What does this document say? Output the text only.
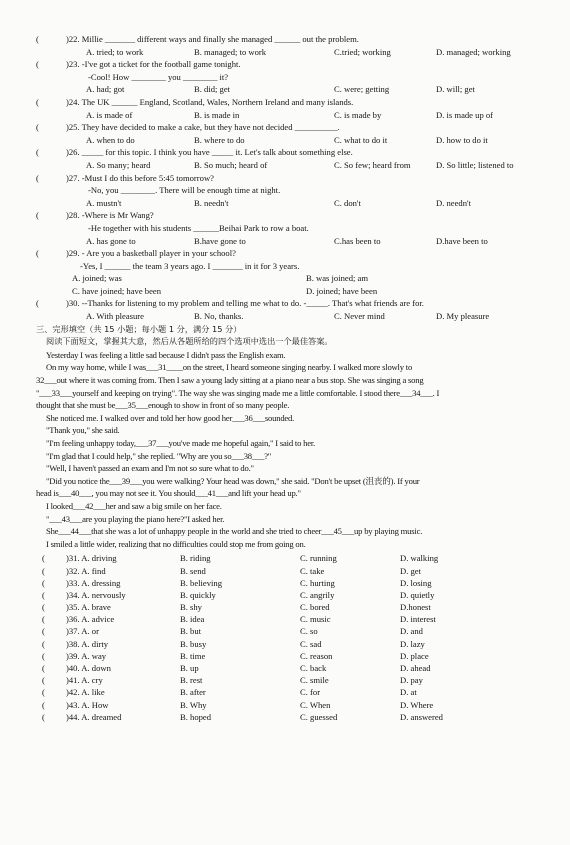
(	)22. Millie _______ different ways and finally she managed ______ out the problem.
A. tried; to work	B. managed; to work	C.tried; working	D. managed; working
(	)23. -I've got a ticket for the football game tonight.
-Cool! How ________ you ________ it?
A. had; got	B. did; get	C. were; getting	D. will; get
(	)24. The UK ______ England, Scotland, Wales, Northern Ireland and many islands.
A. is made of	B. is made in	C. is made by	D. is made up of
(	)25. They have decided to make a cake, but they have not decided __________.
A. when to do	B. where to do	C. what to do it	D. how to do it
(	)26. _____ for this topic. I think you have _____ it. Let's talk about something else.
A. So many; heard	B. So much; heard of	C. So few; heard from	D. So little; listened to
(	)27. -Must I do this before 5:45 tomorrow?
-No, you ________. There will be enough time at night.
A. mustn't	B. needn't	C. don't	D. needn't
(	)28. -Where is Mr Wang?
-He together with his students ______Beihai Park to row a boat.
A. has gone to	B.have gone to	C.has been to	D.have been to
(	)29. - Are you a basketball player in your school?
-Yes, I ______ the team 3 years ago. I _______ in it for 3 years.
A. joined; was	B. was joined; am
C. have joined; have been	D. joined; have been
(	)30. --Thanks for listening to my problem and telling me what to do. -_____. That's what friends are for.
A. With pleasure	B. No, thanks.	C. Never mind	D. My pleasure
三、完形填空（共 15 小题；每小题 1 分，满分 15 分）
阅读下面短文，掌握其大意，然后从各题所给的四个选项中选出一个最佳答案。
Yesterday I was feeling a little sad because I didn't pass the English exam.
On my way home, while I was___31____on the street, I heard someone singing nearby. I walked more slowly to
32___out where it was coming from. Then I saw a young lady sitting at a piano near a bus stop. She was singing a song
"___33___yourself and keeping on trying". The way she was singing made me a little comfortable. I stood there___34___. I
thought that she must be___35___enough to show in front of so many people.
She noticed me. I walked over and told her how good her___36___sounded.
"Thank you," she said.
"I'm feeling unhappy today,___37___you've made me hopeful again," I said to her.
"I'm glad that I could help," she replied. "Why are you so___38___?"
"Well, I haven't passed an exam and I'm not so sure what to do."
"Did you notice the___39___you were walking? Your head was down," she said. "Don't be upset (沮丧的). If your
head is___40___, you may not see it. You should___41___and lift your head up."
I looked___42___her and saw a big smile on her face.
"___43___are you playing the piano here?"I asked her.
She___44___that she was a lot of unhappy people in the world and she tried to cheer___45___up by playing music.
I smiled a little wider, realizing that no difficulties could stop me from going on.
(	)31. A. driving	B. riding	C. running	D. walking
(	)32. A. find	B. send	C. take	D. get
(	)33. A. dressing	B. believing	C. hurting	D. losing
(	)34. A. nervously	B. quickly	C. angrily	D. quietly
(	)35. A. brave	B. shy	C. bored	D.honest
(	)36. A. advice	B. idea	C. music	D. interest
(	)37. A. or	B. but	C. so	D. and
(	)38. A. dirty	B. busy	C. sad	D. lazy
(	)39. A. way	B. time	C. reason	D. place
(	)40. A. down	B. up	C. back	D. ahead
(	)41. A. cry	B. rest	C. smile	D. pay
(	)42. A. like	B. after	C. for	D. at
(	)43. A. How	B. Why	C. When	D. Where
(	)44. A. dreamed	B. hoped	C. guessed	D. answered
